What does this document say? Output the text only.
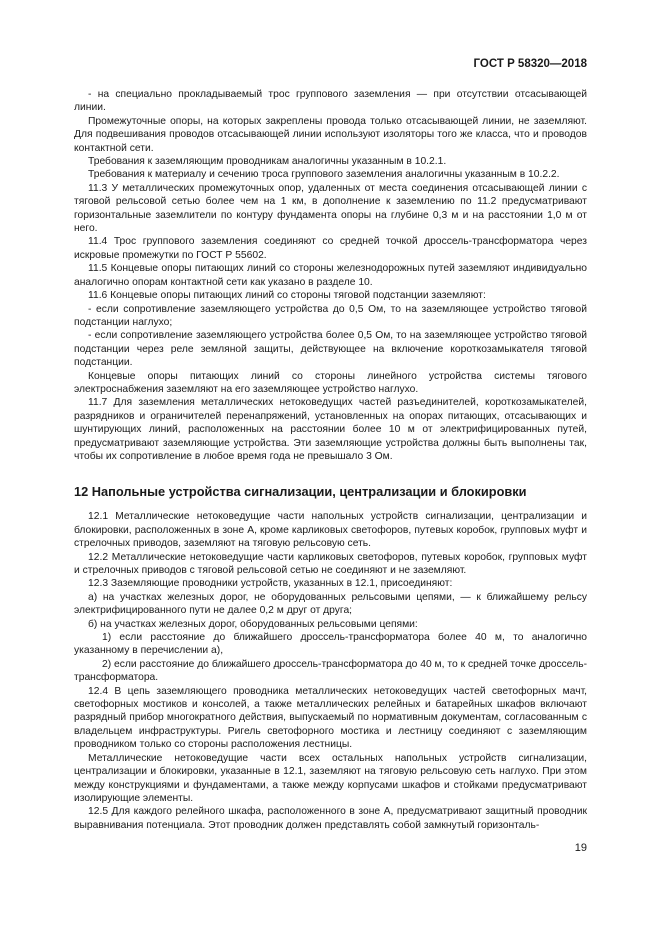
ГОСТ Р 58320—2018

- на специально прокладываемый трос группового заземления — при отсутствии отсасывающей линии.

Промежуточные опоры, на которых закреплены провода только отсасывающей линии, не заземляют. Для подвешивания проводов отсасывающей линии используют изоляторы того же класса, что и проводов контактной сети.

Требования к заземляющим проводникам аналогичны указанным в 10.2.1.

Требования к материалу и сечению троса группового заземления аналогичны указанным в 10.2.2.

11.3 У металлических промежуточных опор, удаленных от места соединения отсасывающей линии с тяговой рельсовой сетью более чем на 1 км, в дополнение к заземлению по 11.2 предусматривают горизонтальные заземлители по контуру фундамента опоры на глубине 0,3 м и на расстоянии 1,0 м от него.

11.4 Трос группового заземления соединяют со средней точкой дроссель-трансформатора через искровые промежутки по ГОСТ Р 55602.

11.5 Концевые опоры питающих линий со стороны железнодорожных путей заземляют индивидуально аналогично опорам контактной сети как указано в разделе 10.

11.6 Концевые опоры питающих линий со стороны тяговой подстанции заземляют:

- если сопротивление заземляющего устройства до 0,5 Ом, то на заземляющее устройство тяговой подстанции наглухо;

- если сопротивление заземляющего устройства более 0,5 Ом, то на заземляющее устройство тяговой подстанции через реле земляной защиты, действующее на включение короткозамыкателя тяговой подстанции.

Концевые опоры питающих линий со стороны линейного устройства системы тягового электроснабжения заземляют на его заземляющее устройство наглухо.

11.7 Для заземления металлических нетоковедущих частей разъединителей, короткозамыкателей, разрядников и ограничителей перенапряжений, установленных на опорах питающих, отсасывающих и шунтирующих линий, расположенных на расстоянии более 10 м от электрифицированных путей, предусматривают заземляющие устройства. Эти заземляющие устройства должны быть выполнены так, чтобы их сопротивление в любое время года не превышало 3 Ом.

12 Напольные устройства сигнализации, централизации и блокировки

12.1 Металлические нетоковедущие части напольных устройств сигнализации, централизации и блокировки, расположенных в зоне А, кроме карликовых светофоров, путевых коробок, групповых муфт и стрелочных приводов, заземляют на тяговую рельсовую сеть.

12.2 Металлические нетоковедущие части карликовых светофоров, путевых коробок, групповых муфт и стрелочных приводов с тяговой рельсовой сетью не соединяют и не заземляют.

12.3 Заземляющие проводники устройств, указанных в 12.1, присоединяют:

а) на участках железных дорог, не оборудованных рельсовыми цепями, — к ближайшему рельсу электрифицированного пути не далее 0,2 м друг от друга;

б) на участках железных дорог, оборудованных рельсовыми цепями:

1) если расстояние до ближайшего дроссель-трансформатора более 40 м, то аналогично указанному в перечислении а),

2) если расстояние до ближайшего дроссель-трансформатора до 40 м, то к средней точке дроссель-трансформатора.

12.4 В цепь заземляющего проводника металлических нетоковедущих частей светофорных мачт, светофорных мостиков и консолей, а также металлических релейных и батарейных шкафов включают разрядный прибор многократного действия, выпускаемый по нормативным документам, согласованным с владельцем инфраструктуры. Ригель светофорного мостика и лестницу соединяют с заземляющим проводником только со стороны расположения лестницы.

Металлические нетоковедущие части всех остальных напольных устройств сигнализации, централизации и блокировки, указанные в 12.1, заземляют на тяговую рельсовую сеть наглухо. При этом между конструкциями и фундаментами, а также между корпусами шкафов и стойками предусматривают изолирующие элементы.

12.5 Для каждого релейного шкафа, расположенного в зоне А, предусматривают защитный проводник выравнивания потенциала. Этот проводник должен представлять собой замкнутый горизонталь-

19
